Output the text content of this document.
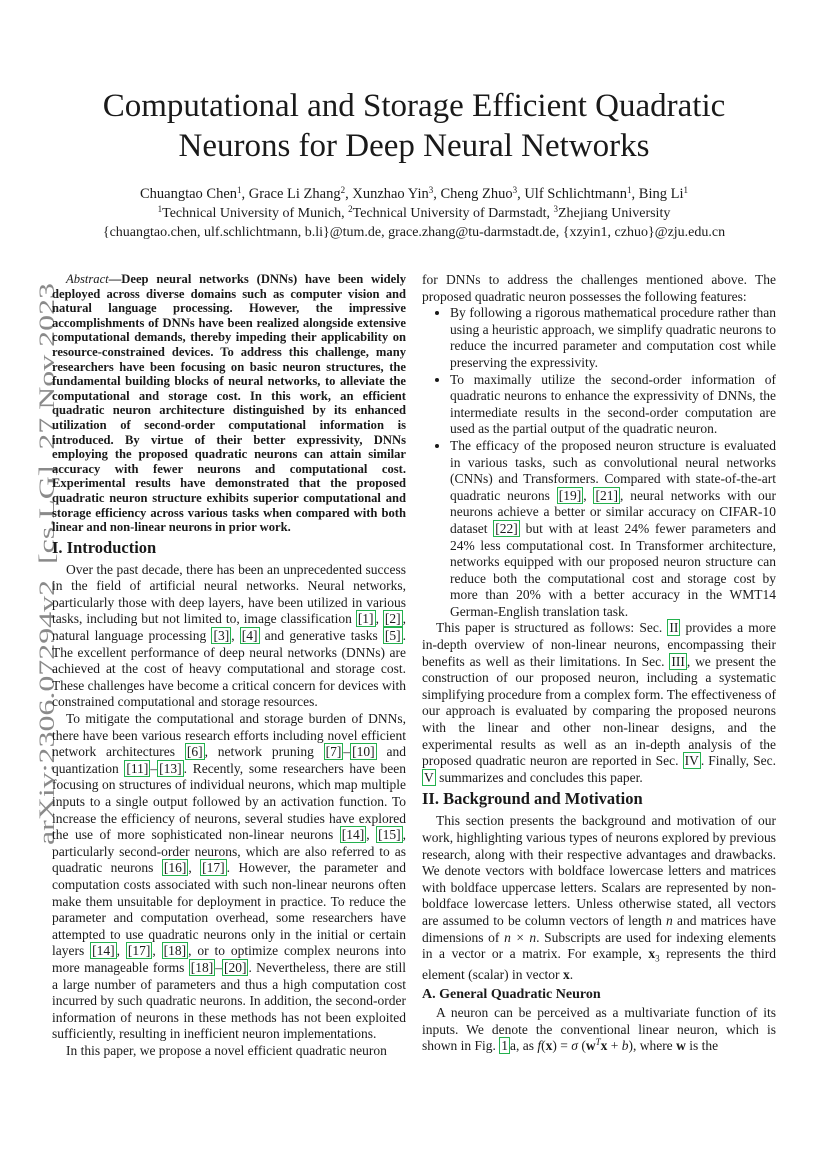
arXiv:2306.07294v2  [cs.LG]  27 Nov 2023
Computational and Storage Efficient Quadratic
Neurons for Deep Neural Networks
Chuangtao Chen$^1$, Grace Li Zhang$^2$, Xunzhao Yin$^3$, Cheng Zhuo$^3$, Ulf Schlichtmann$^1$, Bing Li$^1$
$^1$Technical University of Munich, $^2$Technical University of Darmstadt, $^3$Zhejiang University
{chuangtao.chen, ulf.schlichtmann, b.li}@tum.de, grace.zhang@tu-darmstadt.de, {xzyin1, czhuo}@zju.edu.cn

Abstract—Deep neural networks (DNNs) have been widely deployed across diverse domains such as computer vision and natural language processing. However, the impressive accomplishments of DNNs have been realized alongside extensive computational demands, thereby impeding their applicability on resource-constrained devices. To address this challenge, many researchers have been focusing on basic neuron structures, the fundamental building blocks of neural networks, to alleviate the computational and storage cost. In this work, an efficient quadratic neuron architecture distinguished by its enhanced utilization of second-order computational information is introduced. By virtue of their better expressivity, DNNs employing the proposed quadratic neurons can attain similar accuracy with fewer neurons and computational cost. Experimental results have demonstrated that the proposed quadratic neuron structure exhibits superior computational and storage efficiency across various tasks when compared with both linear and non-linear neurons in prior work.

I. Introduction

Over the past decade, there has been an unprecedented success in the field of artificial neural networks. Neural networks, particularly those with deep layers, have been utilized in various tasks, including but not limited to, image classification [1] , [2] , natural language processing [3] , [4] and generative tasks [5] . The excellent performance of deep neural networks (DNNs) are achieved at the cost of heavy computational and storage cost. These challenges have become a critical concern for devices with constrained computational and storage resources.

To mitigate the computational and storage burden of DNNs, there have been various research efforts including novel efficient network architectures [6] , network pruning [7] – [10] and quantization [11] – [13] . Recently, some researchers have been focusing on structures of individual neurons, which map multiple inputs to a single output followed by an activation function. To increase the efficiency of neurons, several studies have explored the use of more sophisticated non-linear neurons [14] , [15] , particularly second-order neurons, which are also referred to as quadratic neurons [16] , [17] . However, the parameter and computation costs associated with such non-linear neurons often make them unsuitable for deployment in practice. To reduce the parameter and computation overhead, some researchers have attempted to use quadratic neurons only in the initial or certain layers [14] , [17] , [18] , or to optimize complex neurons into more manageable forms [18] – [20] . Nevertheless, there are still a large number of parameters and thus a high computation cost incurred by such quadratic neurons. In addition, the second-order information of neurons in these methods has not been exploited sufficiently, resulting in inefficient neuron implementations.

In this paper, we propose a novel efficient quadratic neuron

for DNNs to address the challenges mentioned above. The proposed quadratic neuron possesses the following features:

• By following a rigorous mathematical procedure rather than using a heuristic approach, we simplify quadratic neurons to reduce the incurred parameter and computation cost while preserving the expressivity.
• To maximally utilize the second-order information of quadratic neurons to enhance the expressivity of DNNs, the intermediate results in the second-order computation are used as the partial output of the quadratic neuron.
• The efficacy of the proposed neuron structure is evaluated in various tasks, such as convolutional neural networks (CNNs) and Transformers. Compared with state-of-the-art quadratic neurons [19] , [21] , neural networks with our neurons achieve a better or similar accuracy on CIFAR-10 dataset [22] but with at least 24% fewer parameters and 24% less computational cost. In Transformer architecture, networks equipped with our proposed neuron structure can reduce both the computational cost and storage cost by more than 20% with a better accuracy in the WMT14 German-English translation task.

This paper is structured as follows: Sec. II provides a more in-depth overview of non-linear neurons, encompassing their benefits as well as their limitations. In Sec. III , we present the construction of our proposed neuron, including a systematic simplifying procedure from a complex form. The effectiveness of our approach is evaluated by comparing the proposed neurons with the linear and other non-linear designs, and the experimental results as well as an in-depth analysis of the proposed quadratic neuron are reported in Sec. IV . Finally, Sec. V summarizes and concludes this paper.

II. Background and Motivation

This section presents the background and motivation of our work, highlighting various types of neurons explored by previous research, along with their respective advantages and drawbacks. We denote vectors with boldface lowercase letters and matrices with boldface uppercase letters. Scalars are represented by non-boldface lowercase letters. Unless otherwise stated, all vectors are assumed to be column vectors of length n and matrices have dimensions of n × n. Subscripts are used for indexing elements in a vector or a matrix. For example, $x_3$ represents the third element (scalar) in vector x.

A. General Quadratic Neuron

A neuron can be perceived as a multivariate function of its inputs. We denote the conventional linear neuron, which is shown in Fig. 1 a, as f(x) = σ $(w^Tx + b)$, where w is the
